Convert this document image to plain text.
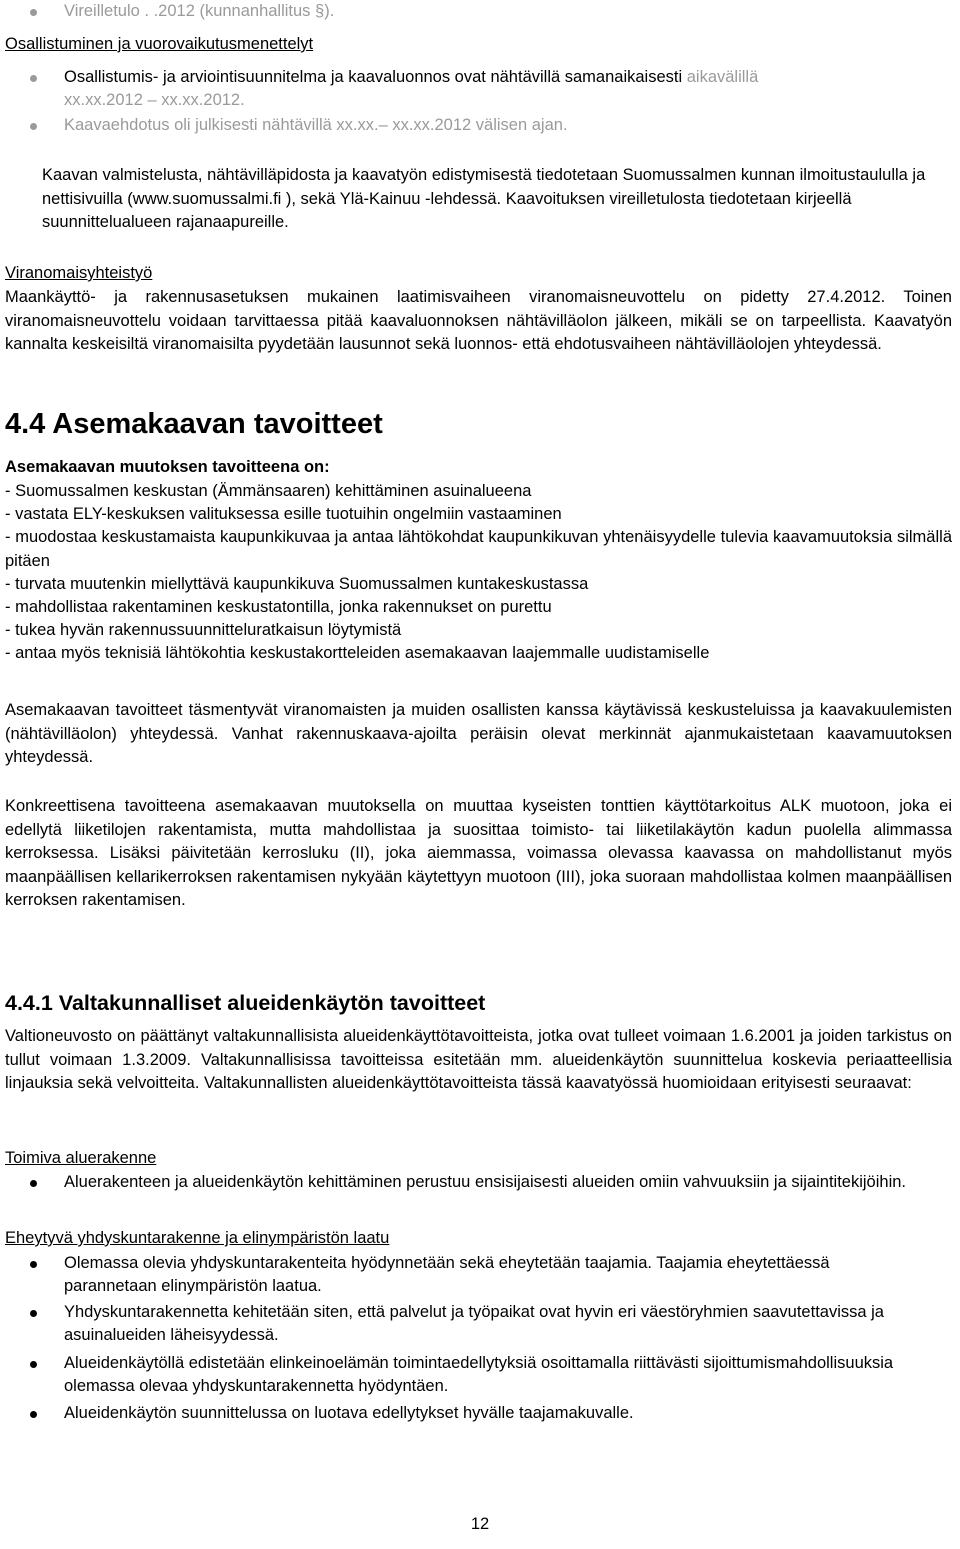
Vireilletulo . .2012 (kunnanhallitus §).
Osallistuminen ja vuorovaikutusmenettelyt
Osallistumis- ja arviointisuunnitelma ja kaavaluonnos ovat nähtävillä samanaikaisesti aikavälillä
xx.xx.2012 – xx.xx.2012.
Kaavaehdotus oli julkisesti nähtävillä xx.xx.– xx.xx.2012 välisen ajan.
Kaavan valmistelusta, nähtävilläpidosta ja kaavatyön edistymisestä tiedotetaan Suomussalmen kunnan ilmoitustaululla ja nettisivuilla (www.suomussalmi.fi ), sekä Ylä-Kainuu -lehdessä. Kaavoituksen vireilletulosta tiedotetaan kirjeellä suunnittelualueen rajanaapureille.
Viranomaisyhteistyö
Maankäyttö- ja rakennusasetuksen mukainen laatimisvaiheen viranomaisneuvottelu on pidetty 27.4.2012. Toinen viranomaisneuvottelu voidaan tarvittaessa pitää kaavaluonnoksen nähtävilläolon jälkeen, mikäli se on tarpeellista. Kaavatyön kannalta keskeisiltä viranomaisilta pyydetään lausunnot sekä luonnos- että ehdotusvaiheen nähtävilläolojen yhteydessä.
4.4 Asemakaavan tavoitteet
Asemakaavan muutoksen tavoitteena on:
- Suomussalmen keskustan (Ämmänsaaren) kehittäminen asuinalueena
- vastata ELY-keskuksen valituksessa esille tuotuihin ongelmiin vastaaminen
- muodostaa keskustamaista kaupunkikuvaa ja antaa lähtökohdat kaupunkikuvan yhtenäisyydelle tulevia kaavamuutoksia silmällä pitäen
- turvata muutenkin miellyttävä kaupunkikuva Suomussalmen kuntakeskustassa
- mahdollistaa rakentaminen keskustatontilla, jonka rakennukset on purettu
- tukea hyvän rakennussuunnitteluratkaisun löytymistä
- antaa myös teknisiä lähtökohtia keskustakortteleiden asemakaavan laajemmalle uudistamiselle
Asemakaavan tavoitteet täsmentyvät viranomaisten ja muiden osallisten kanssa käytävissä keskusteluissa ja kaavakuulemisten (nähtävilläolon) yhteydessä. Vanhat rakennuskaava-ajoilta peräisin olevat merkinnät ajanmukaistetaan kaavamuutoksen yhteydessä.
Konkreettisena tavoitteena asemakaavan muutoksella on muuttaa kyseisten tonttien käyttötarkoitus ALK muotoon, joka ei edellytä liiketilojen rakentamista, mutta mahdollistaa ja suosittaa toimisto- tai liiketilakäytön kadun puolella alimmassa kerroksessa. Lisäksi päivitetään kerrosluku (II), joka aiemmassa, voimassa olevassa kaavassa on mahdollistanut myös maanpäällisen kellarikerroksen rakentamisen nykyään käytettyyn muotoon (III), joka suoraan mahdollistaa kolmen maanpäällisen kerroksen rakentamisen.
4.4.1 Valtakunnalliset alueidenkäytön tavoitteet
Valtioneuvosto on päättänyt valtakunnallisista alueidenkäyttötavoitteista, jotka ovat tulleet voimaan 1.6.2001 ja joiden tarkistus on tullut voimaan 1.3.2009. Valtakunnallisissa tavoitteissa esitetään mm. alueidenkäytön suunnittelua koskevia periaatteellisia linjauksia sekä velvoitteita. Valtakunnallisten alueidenkäyttötavoitteista tässä kaavatyössä huomioidaan erityisesti seuraavat:
Toimiva aluerakenne
Aluerakenteen ja alueidenkäytön kehittäminen perustuu ensisijaisesti alueiden omiin vahvuuksiin ja sijaintitekijöihin.
Eheytyvä yhdyskuntarakenne ja elinympäristön laatu
Olemassa olevia yhdyskuntarakenteita hyödynnetään sekä eheytetään taajamia. Taajamia eheytettäessä parannetaan elinympäristön laatua.
Yhdyskuntarakennetta kehitetään siten, että palvelut ja työpaikat ovat hyvin eri väestöryhmien saavutettavissa ja asuinalueiden läheisyydessä.
Alueidenkäytöllä edistetään elinkeinoelämän toimintaedellytyksiä osoittamalla riittävästi sijoittumismahdollisuuksia olemassa olevaa yhdyskuntarakennetta hyödyntäen.
Alueidenkäytön suunnittelussa on luotava edellytykset hyvälle taajamakuvalle.
12
